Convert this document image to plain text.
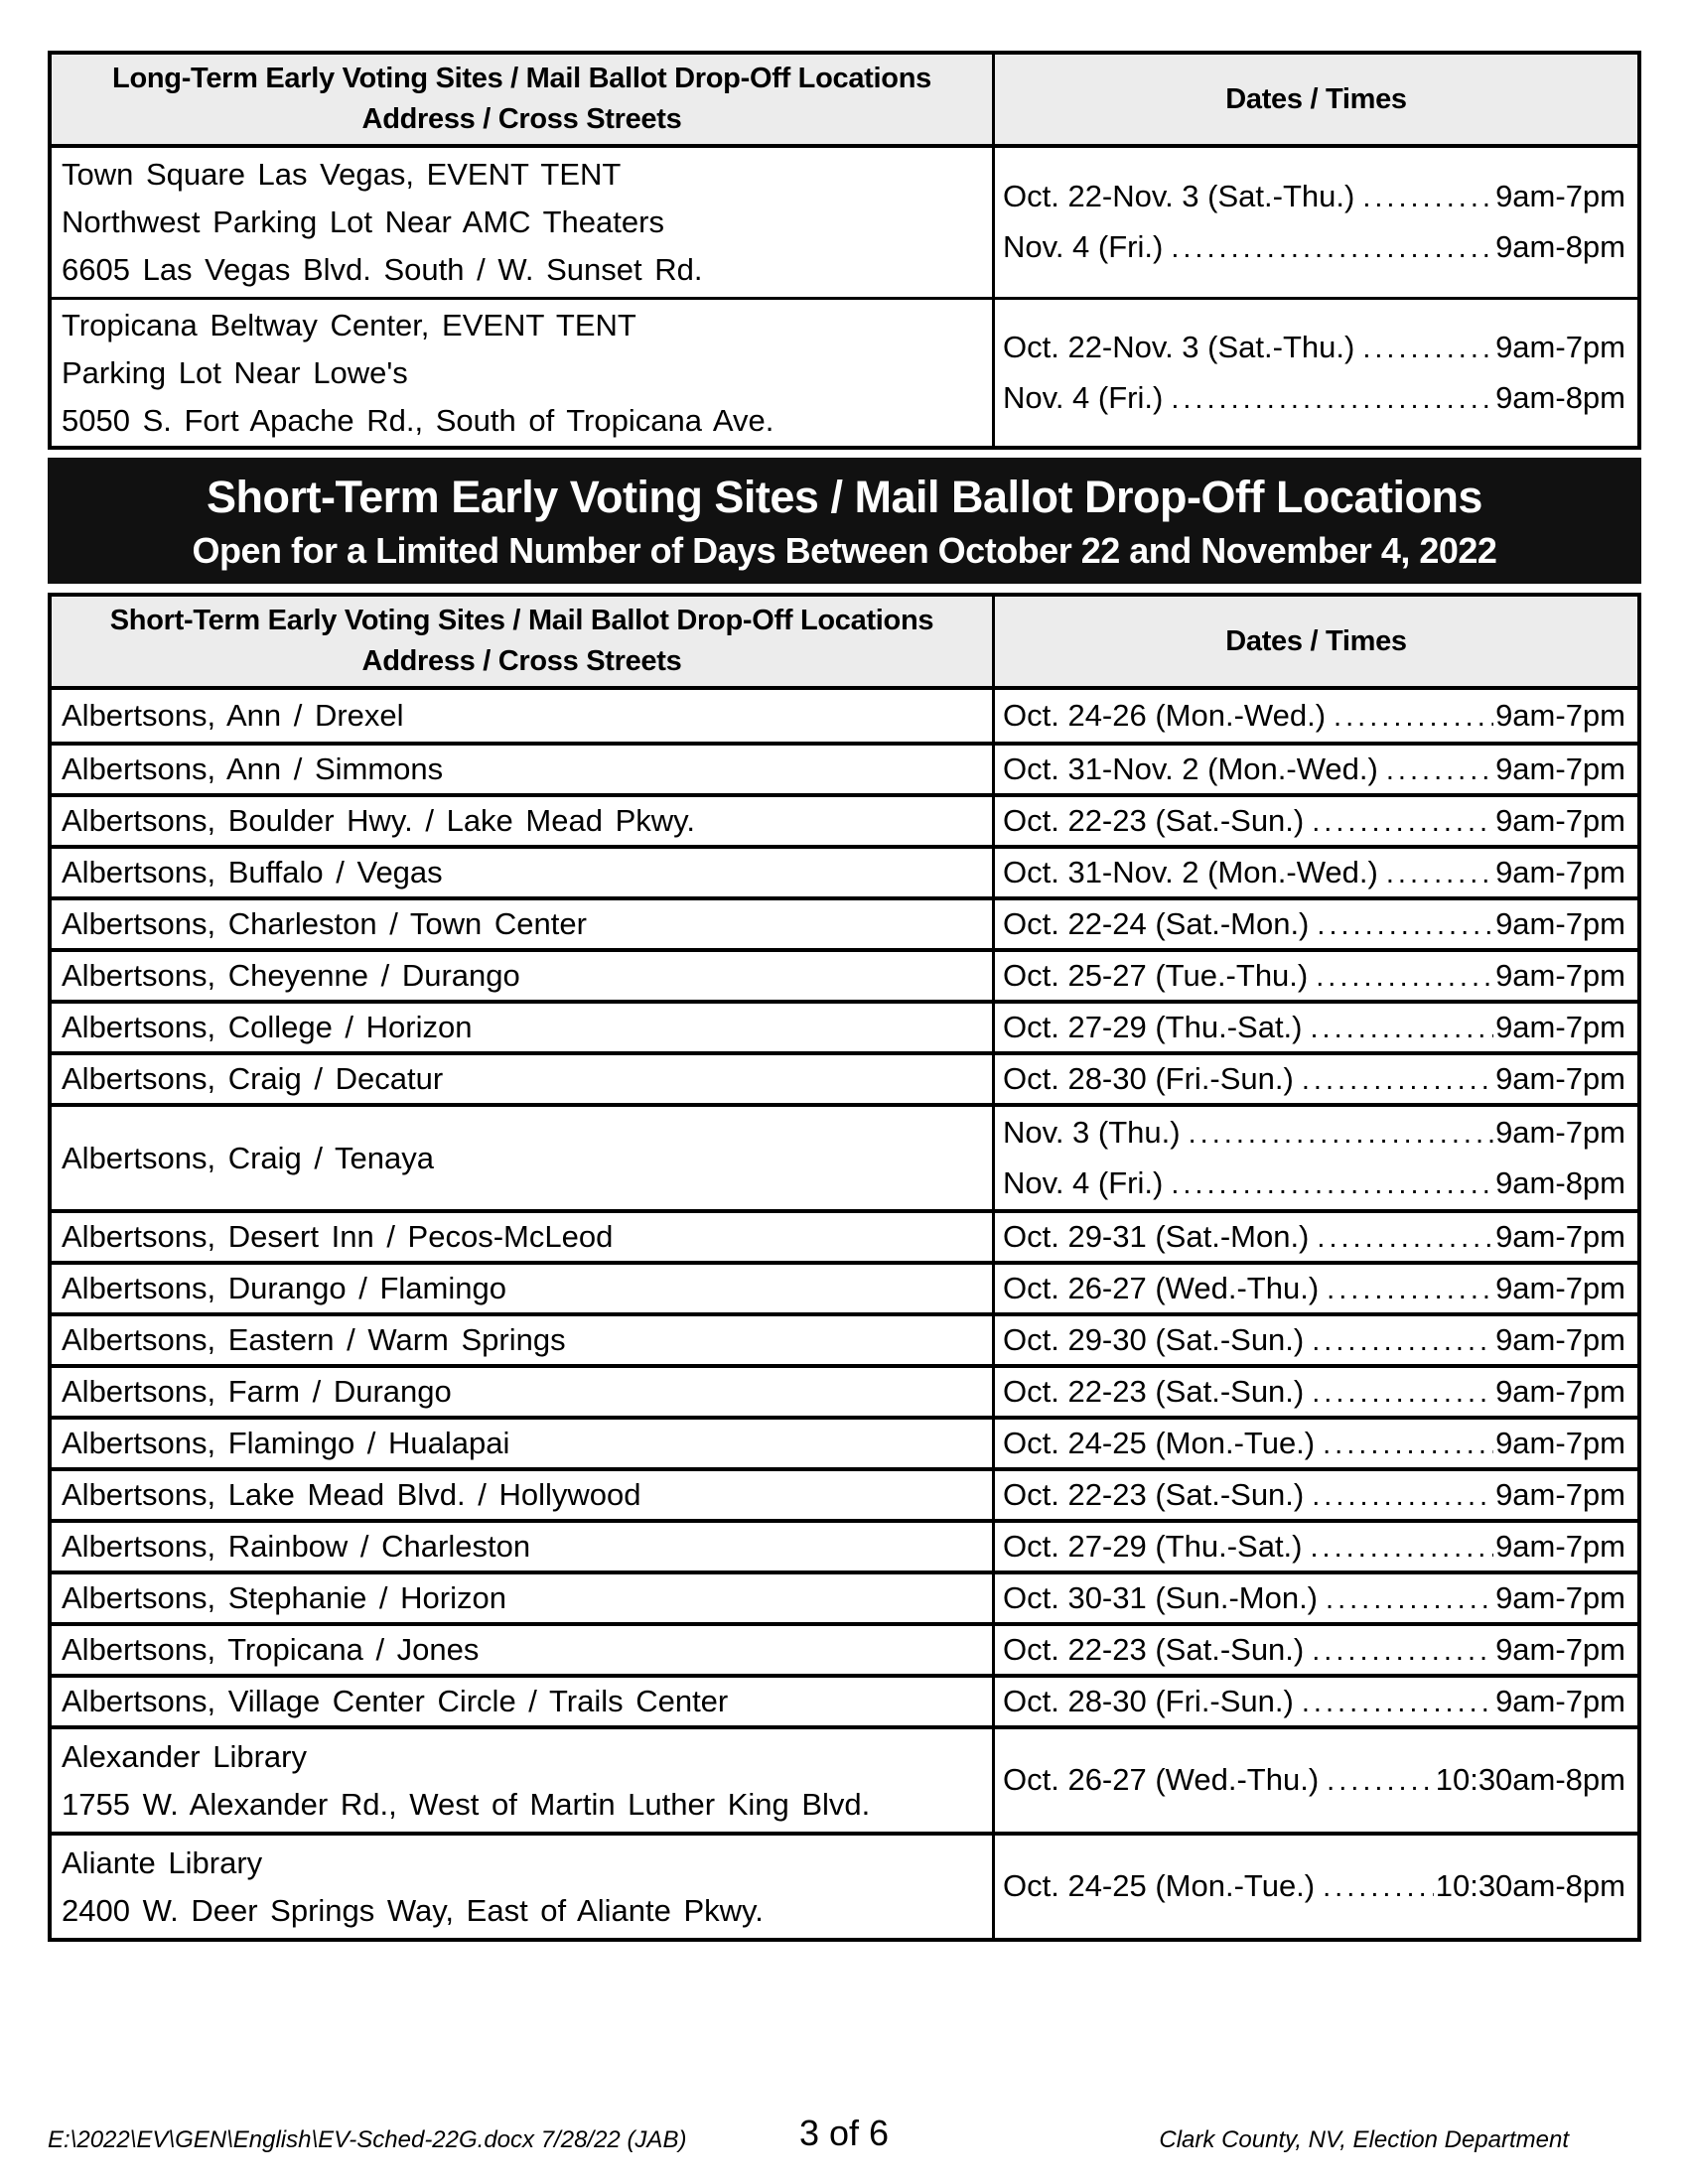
Long-Term Early Voting Sites / Mail Ballot Drop-Off Locations
Address / Cross Streets
Dates / Times
Town Square Las Vegas, EVENT TENT
Northwest Parking Lot Near AMC Theaters
6605 Las Vegas Blvd. South / W. Sunset Rd.
Oct. 22-Nov. 3 (Sat.-Thu.) .....	9am-7pm
Nov. 4 (Fri.) .....	9am-8pm
Tropicana Beltway Center, EVENT TENT
Parking Lot Near Lowe's
5050 S. Fort Apache Rd., South of Tropicana Ave.
Oct. 22-Nov. 3 (Sat.-Thu.) .....	9am-7pm
Nov. 4 (Fri.) .....	9am-8pm
Short-Term Early Voting Sites / Mail Ballot Drop-Off Locations
Open for a Limited Number of Days Between October 22 and November 4, 2022
Short-Term Early Voting Sites / Mail Ballot Drop-Off Locations
Address / Cross Streets
Dates / Times
Albertsons, Ann / Drexel	Oct. 24-26 (Mon.-Wed.) .....	9am-7pm
Albertsons, Ann / Simmons	Oct. 31-Nov. 2 (Mon.-Wed.) .....	9am-7pm
Albertsons, Boulder Hwy. / Lake Mead Pkwy.	Oct. 22-23 (Sat.-Sun.) .....	9am-7pm
Albertsons, Buffalo / Vegas	Oct. 31-Nov. 2 (Mon.-Wed.) .....	9am-7pm
Albertsons, Charleston / Town Center	Oct. 22-24 (Sat.-Mon.) .....	9am-7pm
Albertsons, Cheyenne / Durango	Oct. 25-27 (Tue.-Thu.) .....	9am-7pm
Albertsons, College / Horizon	Oct. 27-29 (Thu.-Sat.) .....	9am-7pm
Albertsons, Craig / Decatur	Oct. 28-30 (Fri.-Sun.) .....	9am-7pm
Albertsons, Craig / Tenaya
Nov. 3 (Thu.) .....	9am-7pm
Nov. 4 (Fri.) .....	9am-8pm
Albertsons, Desert Inn / Pecos-McLeod	Oct. 29-31 (Sat.-Mon.) .....	9am-7pm
Albertsons, Durango / Flamingo	Oct. 26-27 (Wed.-Thu.) .....	9am-7pm
Albertsons, Eastern / Warm Springs	Oct. 29-30 (Sat.-Sun.) .....	9am-7pm
Albertsons, Farm / Durango	Oct. 22-23 (Sat.-Sun.) .....	9am-7pm
Albertsons, Flamingo / Hualapai	Oct. 24-25 (Mon.-Tue.) .....	9am-7pm
Albertsons, Lake Mead Blvd. / Hollywood	Oct. 22-23 (Sat.-Sun.) .....	9am-7pm
Albertsons, Rainbow / Charleston	Oct. 27-29 (Thu.-Sat.) .....	9am-7pm
Albertsons, Stephanie / Horizon	Oct. 30-31 (Sun.-Mon.) .....	9am-7pm
Albertsons, Tropicana / Jones	Oct. 22-23 (Sat.-Sun.) .....	9am-7pm
Albertsons, Village Center Circle / Trails Center	Oct. 28-30 (Fri.-Sun.) .....	9am-7pm
Alexander Library
1755 W. Alexander Rd., West of Martin Luther King Blvd.
Oct. 26-27 (Wed.-Thu.) .....	10:30am-8pm
Aliante Library
2400 W. Deer Springs Way, East of Aliante Pkwy.
Oct. 24-25 (Mon.-Tue.) .....	10:30am-8pm
E:\2022\EV\GEN\English\EV-Sched-22G.docx 7/28/22 (JAB)	3 of 6	Clark County, NV, Election Department
